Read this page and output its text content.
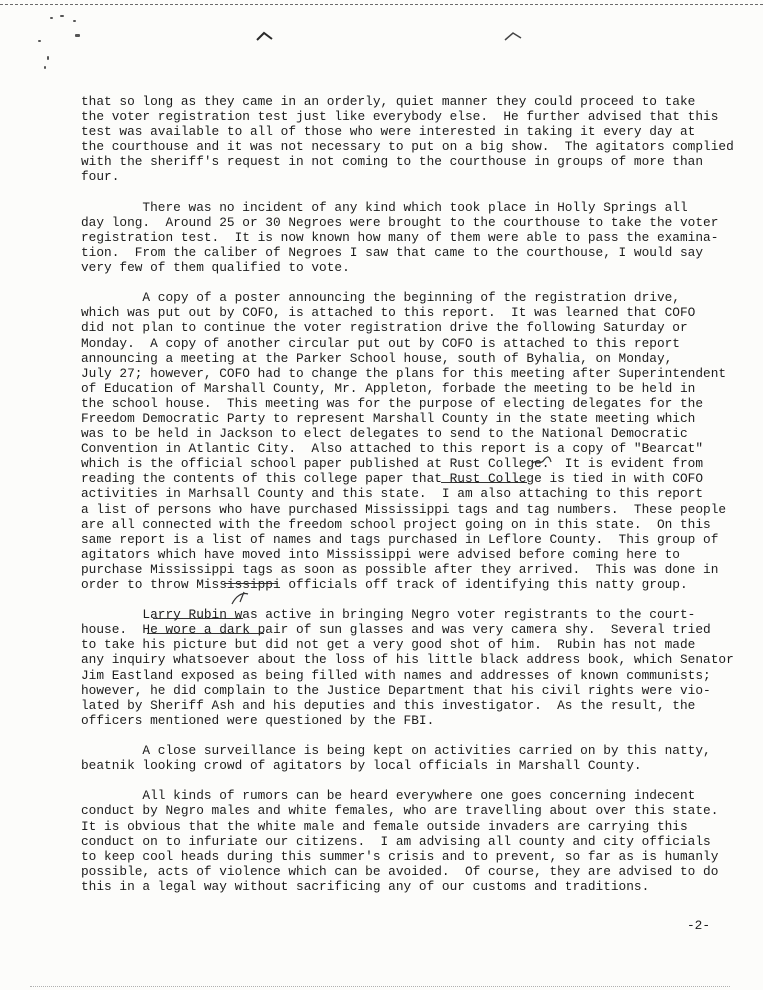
that so long as they came in an orderly, quiet manner they could proceed to take
the voter registration test just like everybody else.  He further advised that this
test was available to all of those who were interested in taking it every day at
the courthouse and it was not necessary to put on a big show.  The agitators complied
with the sheriff's request in not coming to the courthouse in groups of more than
four.

There was no incident of any kind which took place in Holly Springs all
day long.  Around 25 or 30 Negroes were brought to the courthouse to take the voter
registration test.  It is now known how many of them were able to pass the examina-
tion.  From the caliber of Negroes I saw that came to the courthouse, I would say
very few of them qualified to vote.

A copy of a poster announcing the beginning of the registration drive,
which was put out by COFO, is attached to this report.  It was learned that COFO
did not plan to continue the voter registration drive the following Saturday or
Monday.  A copy of another circular put out by COFO is attached to this report
announcing a meeting at the Parker School house, south of Byhalia, on Monday,
July 27; however, COFO had to change the plans for this meeting after Superintendent
of Education of Marshall County, Mr. Appleton, forbade the meeting to be held in
the school house.  This meeting was for the purpose of electing delegates for the
Freedom Democratic Party to represent Marshall County in the state meeting which
was to be held in Jackson to elect delegates to send to the National Democratic
Convention in Atlantic City.  Also attached to this report is a copy of "Bearcat"
which is the official school paper published at Rust College.  It is evident from
reading the contents of this college paper that Rust College is tied in with COFO
activities in Marhsall County and this state.  I am also attaching to this report
a list of persons who have purchased Mississippi tags and tag numbers.  These people
are all connected with the freedom school project going on in this state.  On this
same report is a list of names and tags purchased in Leflore County.  This group of
agitators which have moved into Mississippi were advised before coming here to
purchase Mississippi tags as soon as possible after they arrived.  This was done in
order to throw Mississippi officials off track of identifying this natty group.

Larry Rubin was active in bringing Negro voter registrants to the court-
house.  He wore a dark pair of sun glasses and was very camera shy.  Several tried
to take his picture but did not get a very good shot of him.  Rubin has not made
any inquiry whatsoever about the loss of his little black address book, which Senator
Jim Eastland exposed as being filled with names and addresses of known communists;
however, he did complain to the Justice Department that his civil rights were vio-
lated by Sheriff Ash and his deputies and this investigator.  As the result, the
officers mentioned were questioned by the FBI.

A close surveillance is being kept on activities carried on by this natty,
beatnik looking crowd of agitators by local officials in Marshall County.

All kinds of rumors can be heard everywhere one goes concerning indecent
conduct by Negro males and white females, who are travelling about over this state.
It is obvious that the white male and female outside invaders are carrying this
conduct on to infuriate our citizens.  I am advising all county and city officials
to keep cool heads during this summer's crisis and to prevent, so far as is humanly
possible, acts of violence which can be avoided.  Of course, they are advised to do
this in a legal way without sacrificing any of our customs and traditions.

-2-
